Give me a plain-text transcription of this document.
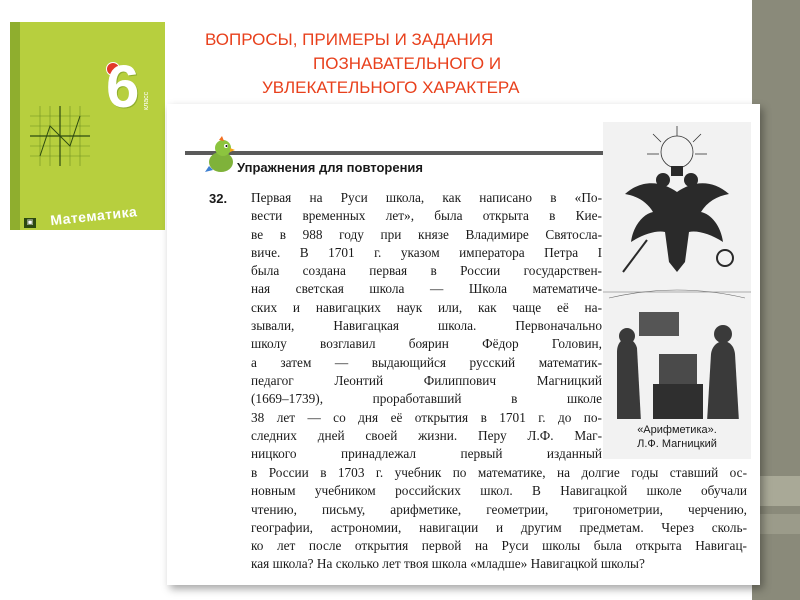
6 класс
Математика
▣
ВОПРОСЫ, ПРИМЕРЫ И ЗАДАНИЯ
ПОЗНАВАТЕЛЬНОГО И
УВЛЕКАТЕЛЬНОГО ХАРАКТЕРА
Упражнения для повторения
32. Первая на Руси школа, как написано в «По-
вести временных лет», была открыта в Кие-
ве в 988 году при князе Владимире Святосла-
виче. В 1701 г. указом императора Петра I
была создана первая в России государствен-
ная светская школа — Школа математиче-
ских и навигацких наук или, как чаще её на-
зывали, Навигацкая школа. Первоначально
школу возглавил боярин Фёдор Головин,
а затем — выдающийся русский математик-
педагог Леонтий Филиппович Магницкий
(1669–1739), проработавший в школе
38 лет — со дня её открытия в 1701 г. до по-
следних дней своей жизни. Перу Л.Ф. Маг-
ницкого принадлежал первый изданный
в России в 1703 г. учебник по математике, на долгие годы ставший ос-
новным учебником российских школ. В Навигацкой школе обучали
чтению, письму, арифметике, геометрии, тригонометрии, черчению,
географии, астрономии, навигации и другим предметам. Через сколь-
ко лет после открытия первой на Руси школы была открыта Навигац-
кая школа? На сколько лет твоя школа «младше» Навигацкой школы?
«Арифметика».
Л.Ф. Магницкий
